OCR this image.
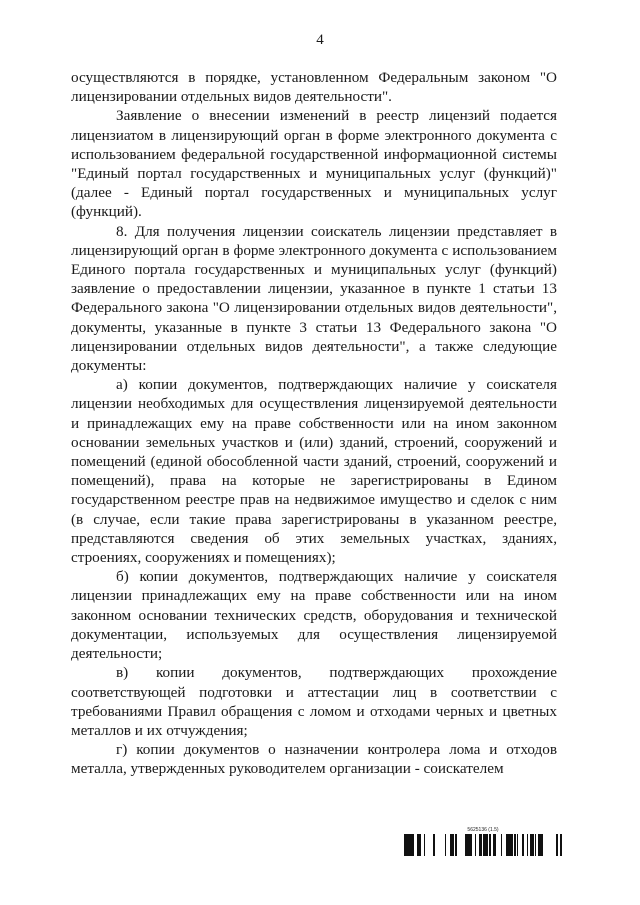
4

осуществляются в порядке, установленном Федеральным законом "О лицензировании отдельных видов деятельности".

Заявление о внесении изменений в реестр лицензий подается лицензиатом в лицензирующий орган в форме электронного документа с использованием федеральной государственной информационной системы "Единый портал государственных и муниципальных услуг (функций)" (далее - Единый портал государственных и муниципальных услуг (функций).

8. Для получения лицензии соискатель лицензии представляет в лицензирующий орган в форме электронного документа с использованием Единого портала государственных и муниципальных услуг (функций) заявление о предоставлении лицензии, указанное в пункте 1 статьи 13 Федерального закона "О лицензировании отдельных видов деятельности", документы, указанные в пункте 3 статьи 13 Федерального закона "О лицензировании отдельных видов деятельности", а также следующие документы:

а) копии документов, подтверждающих наличие у соискателя лицензии необходимых для осуществления лицензируемой деятельности и принадлежащих ему на праве собственности или на ином законном основании земельных участков и (или) зданий, строений, сооружений и помещений (единой обособленной части зданий, строений, сооружений и помещений), права на которые не зарегистрированы в Едином государственном реестре прав на недвижимое имущество и сделок с ним (в случае, если такие права зарегистрированы в указанном реестре, представляются сведения об этих земельных участках, зданиях, строениях, сооружениях и помещениях);

б) копии документов, подтверждающих наличие у соискателя лицензии принадлежащих ему на праве собственности или на ином законном основании технических средств, оборудования и технической документации, используемых для осуществления лицензируемой деятельности;

в) копии документов, подтверждающих прохождение соответствующей подготовки и аттестации лиц в соответствии с требованиями Правил обращения с ломом и отходами черных и цветных металлов и их отчуждения;

г) копии документов о назначении контролера лома и отходов металла, утвержденных руководителем организации - соискателем

5625136 (1.5)
